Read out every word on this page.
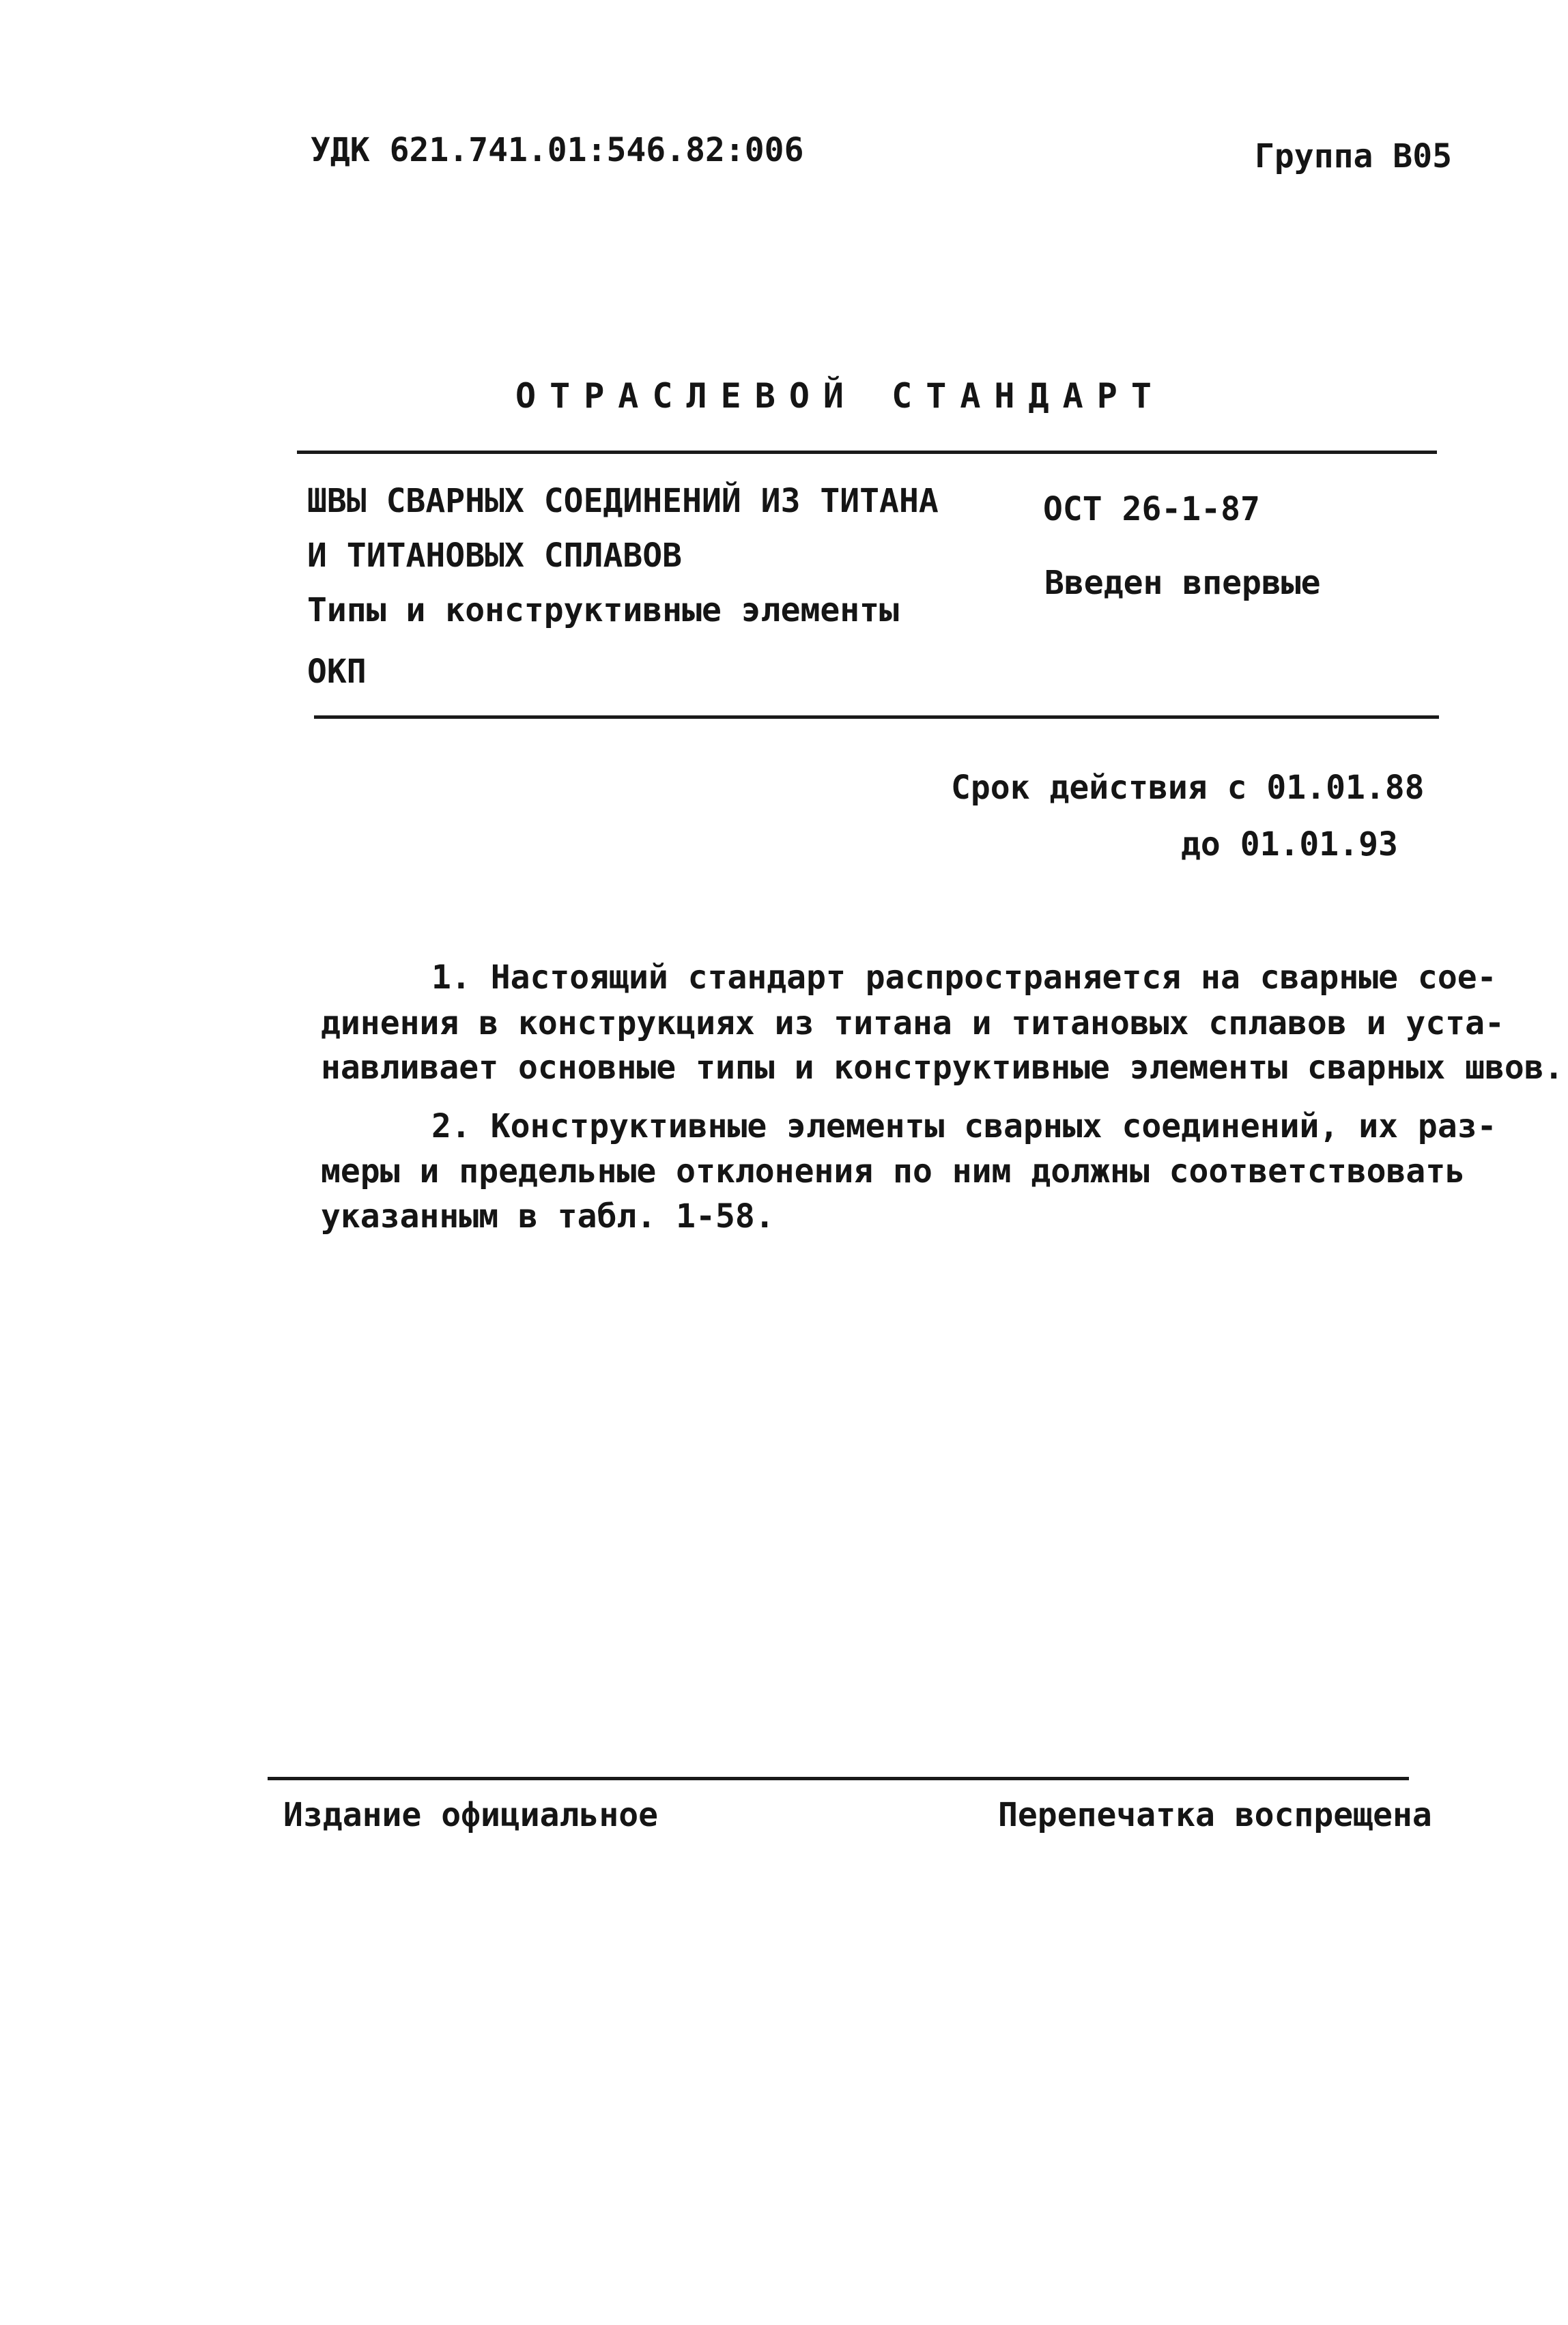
УДК 621.741.01:546.82:006	Группа В05
ОТРАСЛЕВОЙ СТАНДАРТ
ШВЫ СВАРНЫХ СОЕДИНЕНИЙ ИЗ ТИТАНА
И ТИТАНОВЫХ СПЛАВОВ
Типы и конструктивные элементы
ОКП
ОСТ 26-1-87
Введен впервые
Срок действия с 01.01.88
до 01.01.93
1. Настоящий стандарт распространяется на сварные сое-
динения в конструкциях из титана и титановых сплавов и уста-
навливает основные типы и конструктивные элементы сварных швов.
2. Конструктивные элементы сварных соединений, их раз-
меры и предельные отклонения по ним должны соответствовать
указанным в табл. 1-58.
Издание официальное	Перепечатка воспрещена
